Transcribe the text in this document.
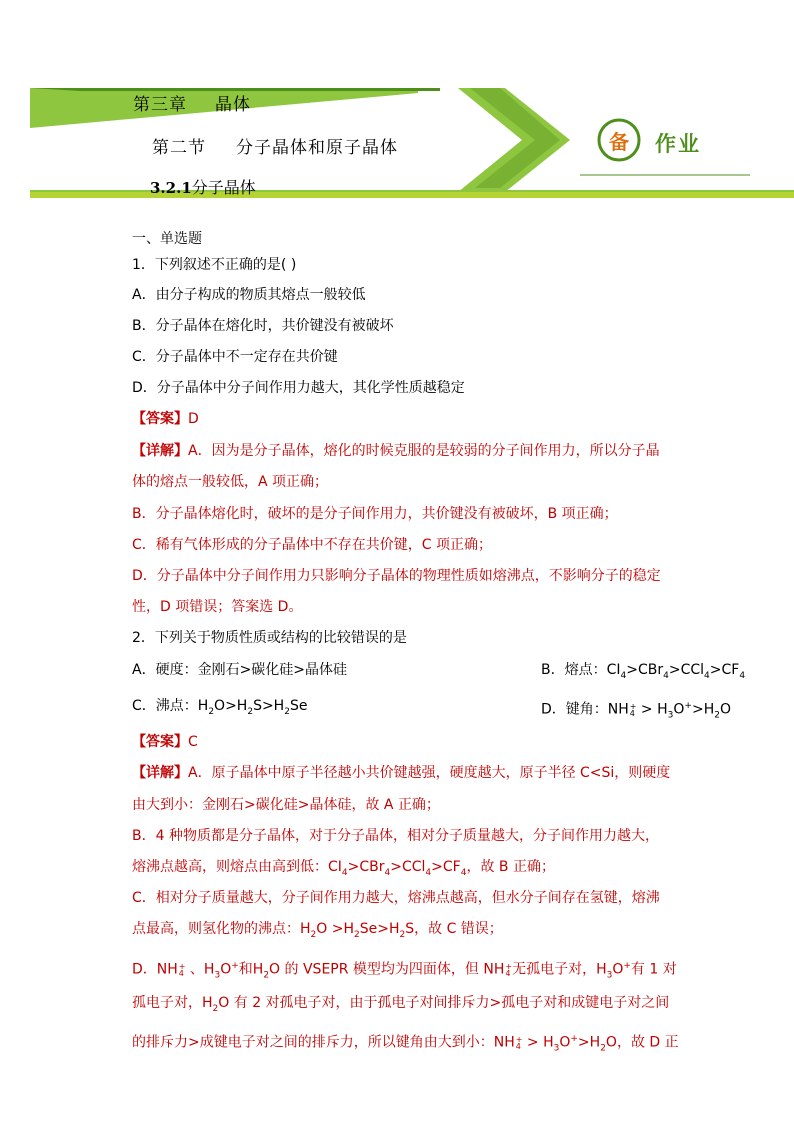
第三章 晶体
第二节 分子晶体和原子晶体
3.2.1分子晶体
备	作业
一、单选题
1．下列叙述不正确的是( )
A．由分子构成的物质其熔点一般较低
B．分子晶体在熔化时，共价键没有被破坏
C．分子晶体中不一定存在共价键
D．分子晶体中分子间作用力越大，其化学性质越稳定
【答案】D
【详解】A．因为是分子晶体，熔化的时候克服的是较弱的分子间作用力，所以分子晶
体的熔点一般较低，A 项正确；
B．分子晶体熔化时，破坏的是分子间作用力，共价键没有被破坏，B 项正确；
C．稀有气体形成的分子晶体中不存在共价键，C 项正确；
D．分子晶体中分子间作用力只影响分子晶体的物理性质如熔沸点，不影响分子的稳定
性，D 项错误；答案选 D。
2．下列关于物质性质或结构的比较错误的是
A．硬度：金刚石>碳化硅>晶体硅	B．熔点：$CI_4>CBr_4>CCl_4>CF_4$
C．沸点：$H_2O>H_2S>H_2Se$	D．键角：NH +
$4 > H_3O^+>H_2O$
【答案】C
【详解】A．原子晶体中原子半径越小共价键越强，硬度越大，原子半径 C<Si，则硬度
由大到小：金刚石>碳化硅>晶体硅，故 A 正确；
B．4 种物质都是分子晶体，对于分子晶体，相对分子质量越大，分子间作用力越大，
熔沸点越高，则熔点由高到低：$CI_4>CBr_4>CCl_4>CF_4$，故 B 正确；
C．相对分子质量越大，分子间作用力越大，熔沸点越高，但水分子间存在氢键，熔沸
点最高，则氢化物的沸点：$H_2O >H_2Se>H_2S$，故 C 错误；
D．NH +
4 、$H_3O^+$和$H_2O$ 的 VSEPR 模型均为四面体，但 NH +
4 无孤电子对，$H_3O^+$有 1 对
孤电子对，$H_2O$ 有 2 对孤电子对，由于孤电子对间排斥力>孤电子对和成键电子对之间
的排斥力>成键电子对之间的排斥力，所以键角由大到小：NH +
$4 > H_3O^+>H_2O$，故 D 正
